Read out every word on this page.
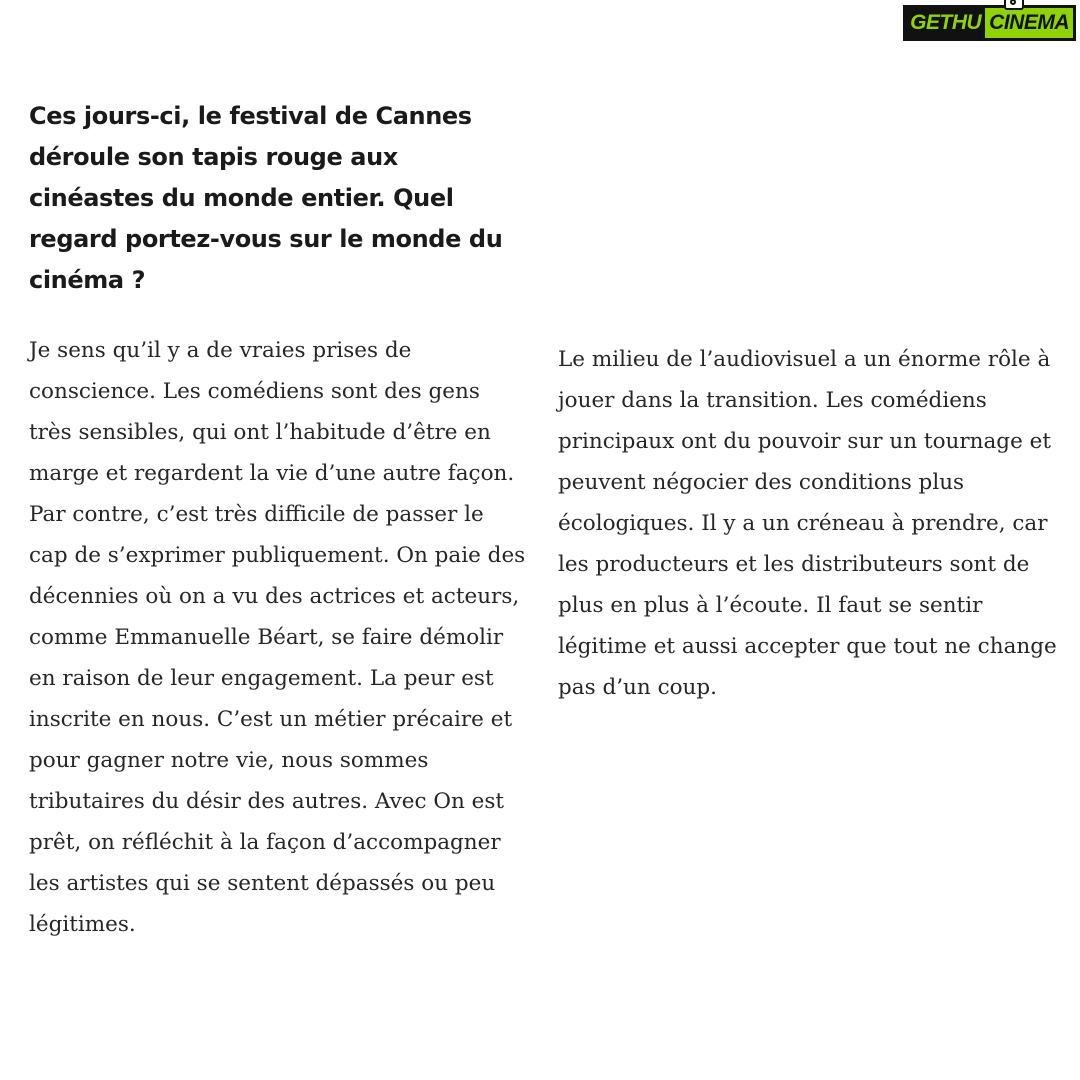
GETHU CINEMA
Ces jours-ci, le festival de Cannes déroule son tapis rouge aux cinéastes du monde entier. Quel regard portez-vous sur le monde du cinéma ?

Je sens qu’il y a de vraies prises de conscience. Les comédiens sont des gens très sensibles, qui ont l’habitude d’être en marge et regardent la vie d’une autre façon. Par contre, c’est très difficile de passer le cap de s’exprimer publiquement. On paie des décennies où on a vu des actrices et acteurs, comme Emmanuelle Béart, se faire démolir en raison de leur engagement. La peur est inscrite en nous. C’est un métier précaire et pour gagner notre vie, nous sommes tributaires du désir des autres. Avec On est prêt, on réfléchit à la façon d’accompagner les artistes qui se sentent dépassés ou peu légitimes.

Le milieu de l’audiovisuel a un énorme rôle à jouer dans la transition. Les comédiens principaux ont du pouvoir sur un tournage et peuvent négocier des conditions plus écologiques. Il y a un créneau à prendre, car les producteurs et les distributeurs sont de plus en plus à l’écoute. Il faut se sentir légitime et aussi accepter que tout ne change pas d’un coup.
